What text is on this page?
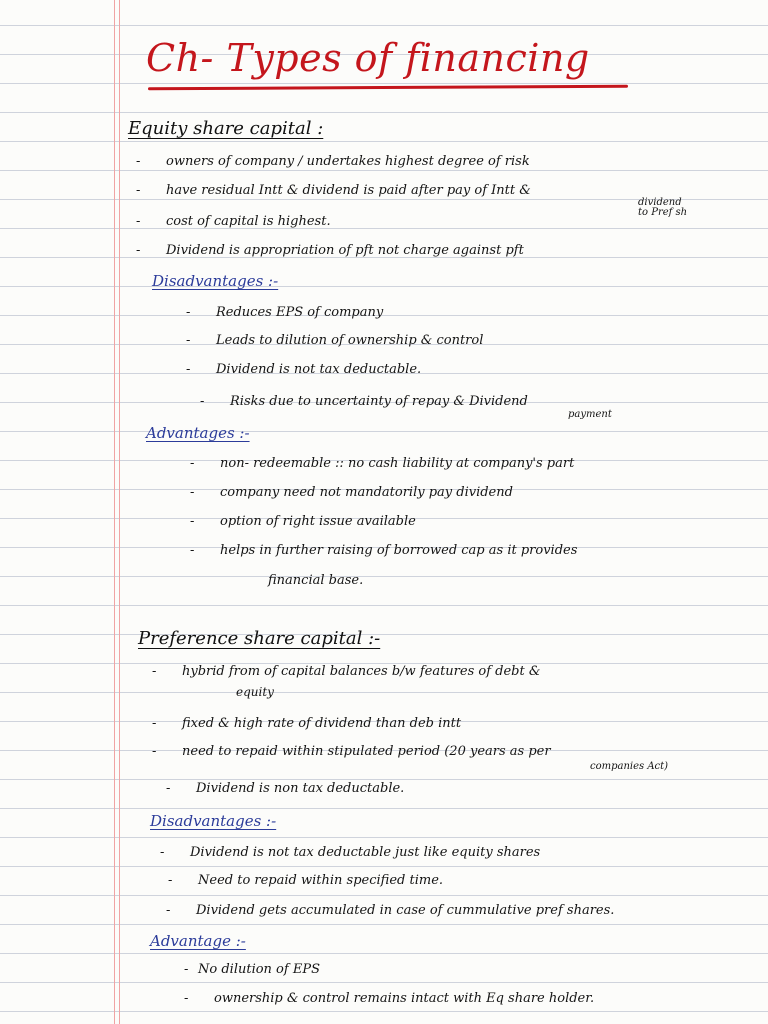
Ch- Types of financing
Equity share capital :
- owners of company / undertakes highest degree of risk
- have residual Intt & dividend is paid after pay of Intt &
dividend
to Pref sh
- cost of capital is highest.
- Dividend is appropriation of pft not charge against pft
Disadvantages :-
- Reduces EPS of company
- Leads to dilution of ownership & control
- Dividend is not tax deductable.
- Risks due to uncertainty of repay & Dividend
payment
Advantages :-
- non- redeemable :: no cash liability at company's part
- company need not mandatorily pay dividend
- option of right issue available
- helps in further raising of borrowed cap as it provides
financial base.
Preference share capital :-
- hybrid from of capital balances b/w features of debt &
equity
- fixed & high rate of dividend than deb intt
- need to repaid within stipulated period (20 years as per
companies Act)
- Dividend is non tax deductable.
Disadvantages :-
- Dividend is not tax deductable just like equity shares
- Need to repaid within specified time.
- Dividend gets accumulated in case of cummulative pref shares.
Advantage :-
- No dilution of EPS
- ownership & control remains intact with Eq share holder.
